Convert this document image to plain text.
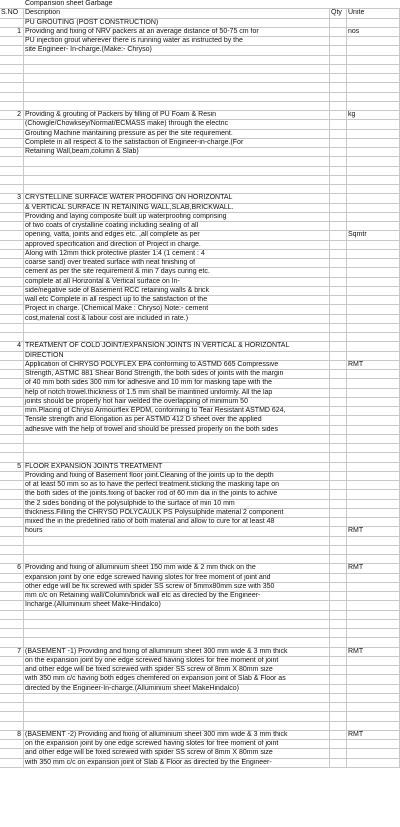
Comparision sheet Garbage
S.NO Description	Qty Unite
PU GROUTING (POST CONSTRUCTION)
1 Providing and fixing of NRV packers at an average distance of 50-75 cm for	nos
PU injection grout wherever there is running water as instructed by the
site Engineer- In-charge.(Make:- Chryso)
2 Providing & grouting of Packers by filling of PU Foam & Resin	kg
(Chowgle/Chowksey/Normat/ECMASS make) through the electric
Grouting Machine mantaining pressure as per the site requirement.
Complete in all respect & to the satisfaction of Engineer-in-charge.(For
Retaining Wall,beam,column & Slab)
3 CRYSTELLINE SURFACE WATER PROOFING ON HORIZONTAL
& VERTICAL SURFACE IN RETAINING WALL,SLAB,BRICKWALL.
Providing and laying composite built up waterproofing comprising
of two coats of crystalline coating including sealing of all
opening, vatta, joints and edges etc. ,all complete as per	Sqmtr
approved specification and direction of Project in charge.
Along with 12mm thick protective plaster 1:4 (1 cement : 4
coarse sand) over treated surface with neat finishing of
cement as per the site requirement & min 7 days curing etc.
complete at all Horizontal & Vertical surface on In-
side/negative side of Basement RCC retaining walls & brick
wall etc Complete in all respect up to the satisfaction of the
Project in charge. (Chemical Make : Chryso) Note:- cement
cost,material cost & labour cost are included in rate.)
4 TREATMENT OF COLD JOINT/EXPANSION JOINTS IN VERTICAL & HORIZONTAL
DIRECTION
Application of CHRYSO POLYFLEX EPA conforming to ASTMD 665 Compressive	RMT
Strength, ASTMC 881 Shear Bond Strength, the both sides of joints with the margin
of 40 mm both sides 300 mm for adhesive and 10 mm for masking tape with the
help of notch trowel.thickness of 1.5 mm shall be maintined uniformly. All the lap
joints should be properly hot hair welded the overlapping of minimum 50
mm.Placing of Chryso Armourflex EPDM, conforming to Tear Resistant ASTMD 624,
Tensile strength and Elongation as per ASTMD 412 D sheet over the applied
adhesive with the help of trowel and should be pressed properly on the both sides
5 FLOOR EXPANSION JOINTS TREATMENT
Providing and fixing of Basement floor joint.Cleaning of the joints up to the depth
of at least 50 mm so as to have the perfect treatment.sticking the masking tape on
the both sides of the joints.fixing of backer rod of 60 mm dia in the joints to achive
the 2 sides bonding of the polysulphide to the surface of min 10 mm
thickness.Filling the CHRYSO POLYCAULK PS Polysulphide material 2 component
mixed the in the predefined ratio of both material and allow to cure for at least 48
hours	RMT
6 Providing and fixing of alluminium sheet 150 mm wide & 2 mm thick on the	RMT
expansion joint by one edge screwed having slotes for free moment of joint and
other edge will be fix screwed with spider SS screw of 5mmx80mm size with 350
mm c/c on Retaining wall/Column/brick wall etc as directed by the Engineer-
Incharge.(Alluminium sheet Make-Hindalco)
7 (BASEMENT -1) Providing and fixing of alluminium sheet 300 mm wide & 3 mm thick	RMT
on the expansion joint by one edge screwed having slotes for free moment of joint
and other edge will be fixed screwed with spider SS screw of 8mm X 80mm size
with 350 mm c/c having both edges chemfered on expansion joint of Slab & Floor as
directed by the Engineer-In-charge.(Alluminium sheet MakeHindalco)
8 (BASEMENT -2) Providing and fixing of alluminium sheet 300 mm wide & 3 mm thick	RMT
on the expansion joint by one edge screwed having slotes for free moment of joint
and other edge will be fixed screwed with spider SS screw of 8mm X 80mm size
with 350 mm c/c on expansion joint of Slab & Floor as directed by the Engineer-
